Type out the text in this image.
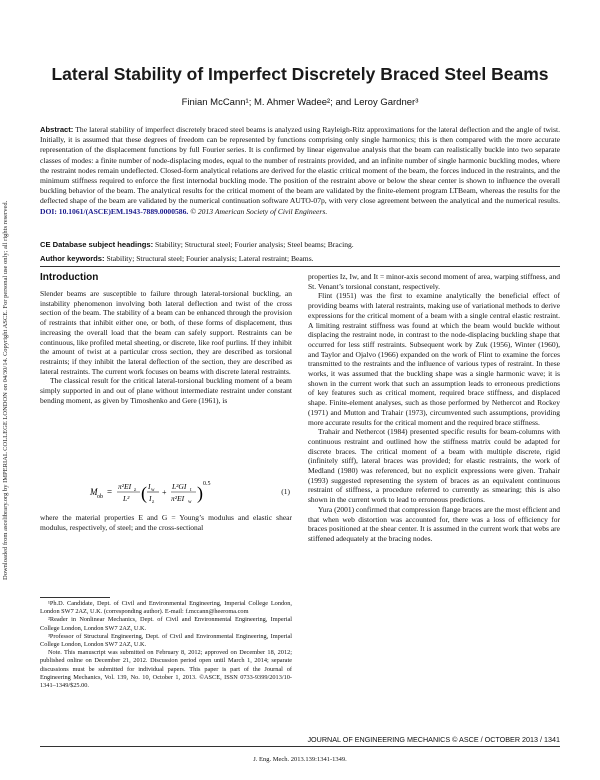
Downloaded from ascelibrary.org by IMPERIAL COLLEGE LONDON on 04/30/14. Copyright ASCE. For personal use only; all rights reserved.
Lateral Stability of Imperfect Discretely Braced Steel Beams
Finian McCann¹; M. Ahmer Wadee²; and Leroy Gardner³
Abstract: The lateral stability of imperfect discretely braced steel beams is analyzed using Rayleigh-Ritz approximations for the lateral deflection and the angle of twist. Initially, it is assumed that these degrees of freedom can be represented by functions comprising only single harmonics; this is then compared with the more accurate representation of the displacement functions by full Fourier series. It is confirmed by linear eigenvalue analysis that the beam can realistically buckle into two separate classes of modes: a finite number of node-displacing modes, equal to the number of restraints provided, and an infinite number of single harmonic buckling modes, where the restraint nodes remain undeflected. Closed-form analytical relations are derived for the elastic critical moment of the beam, the forces induced in the restraints, and the minimum stiffness required to enforce the first internodal buckling mode. The position of the restraint above or below the shear center is shown to influence the overall buckling behavior of the beam. The analytical results for the critical moment of the beam are validated by the finite-element program LTBeam, whereas the results for the deflected shape of the beam are validated by the numerical continuation software AUTO-07p, with very close agreement between the analytical and the numerical results. DOI: 10.1061/(ASCE)EM.1943-7889.0000586. © 2013 American Society of Civil Engineers.
CE Database subject headings: Stability; Structural steel; Fourier analysis; Steel beams; Bracing.
Author keywords: Stability; Structural steel; Fourier analysis; Lateral restraint; Beams.
Introduction
Slender beams are susceptible to failure through lateral-torsional buckling, an instability phenomenon involving both lateral deflection and twist of the cross section of the beam. The stability of a beam can be enhanced through the provision of restraints that inhibit either one, or both, of these forms of displacement, thus increasing the overall load that the beam can safely support. Restraints can be continuous, like profiled metal sheeting, or discrete, like roof purlins. If they inhibit the amount of twist at a particular cross section, they are described as torsional restraints; if they inhibit the lateral deflection of the section, they are described as lateral restraints. The current work focuses on beams with discrete lateral restraints.
The classical result for the critical lateral-torsional buckling moment of a beam simply supported in and out of plane without intermediate restraint under constant bending moment, as given by Timoshenko and Gere (1961), is
M ob =
π²EI z
L² ( I w
I z
+
L²GI t
π²EI w ) 0.5
(1)
where the material properties E and G = Young’s modulus and elastic shear modulus, respectively, of steel; and the cross-sectional
¹Ph.D. Candidate, Dept. of Civil and Environmental Engineering, Imperial College London, London SW7 2AZ, U.K. (corresponding author). E-mail: f.mccann@heeroma.com
²Reader in Nonlinear Mechanics, Dept. of Civil and Environmental Engineering, Imperial College London, London SW7 2AZ, U.K.
³Professor of Structural Engineering, Dept. of Civil and Environmental Engineering, Imperial College London, London SW7 2AZ, U.K.
Note. This manuscript was submitted on February 8, 2012; approved on December 18, 2012; published online on December 21, 2012. Discussion period open until March 1, 2014; separate discussions must be submitted for individual papers. This paper is part of the Journal of Engineering Mechanics, Vol. 139, No. 10, October 1, 2013. ©ASCE, ISSN 0733-9399/2013/10-1341–1349/$25.00.
properties Iz, Iw, and It = minor-axis second moment of area, warping stiffness, and St. Venant’s torsional constant, respectively.
Flint (1951) was the first to examine analytically the beneficial effect of providing beams with lateral restraints, making use of variational methods to derive expressions for the critical moment of a beam with a single central elastic restraint. A limiting restraint stiffness was found at which the beam would buckle without displacing the restraint node, in contrast to the node-displacing buckling shape that occurred for less stiff restraints. Subsequent work by Zuk (1956), Winter (1960), and Taylor and Ojalvo (1966) expanded on the work of Flint to examine the forces transmitted to the restraints and the influence of various types of restraint. In these works, it was assumed that the buckling shape was a single harmonic wave; it is shown in the current work that such an assumption leads to erroneous predictions of key features such as critical moment, required brace stiffness, and displaced shape. Finite-element analyses, such as those performed by Nethercot and Rockey (1971) and Mutton and Trahair (1973), circumvented such assumptions, providing more accurate results for the critical moment and the required brace stiffness.
Trahair and Nethercot (1984) presented specific results for beam-columns with continuous restraint and outlined how the stiffness matrix could be adapted for discrete braces. The critical moment of a beam with multiple discrete, rigid (infinitely stiff), lateral braces was provided; for elastic restraints, the work of Medland (1980) was referenced, but no explicit expressions were given. Trahair (1993) suggested representing the system of braces as an equivalent continuous restraint of stiffness, a procedure referred to currently as smearing; this is also shown in the current work to lead to erroneous predictions.
Yura (2001) confirmed that compression flange braces are the most efficient and that when web distortion was accounted for, there was a loss of efficiency for braces positioned at the shear center. It is assumed in the current work that webs are stiffened adequately at the bracing nodes.
JOURNAL OF ENGINEERING MECHANICS © ASCE / OCTOBER 2013 / 1341
J. Eng. Mech. 2013.139:1341-1349.
